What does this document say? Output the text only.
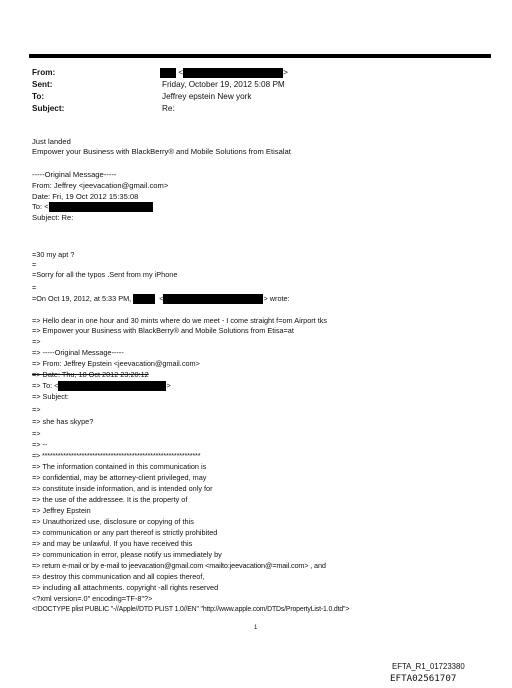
From:	<	>
Sent:	Friday, October 19, 2012 5:08 PM
To:	Jeffrey epstein New york
Subject:	Re:
Just landed
Empower your Business with BlackBerry® and Mobile Solutions from Etisalat
-----Original Message-----
From: Jeffrey <jeevacation@gmail.com>
Date: Fri, 19 Oct 2012 15:35:08
To: <
Subject: Re:
=30 my apt ?
=
=Sorry for all the typos .Sent from my iPhone
=
=On Oct 19, 2012, at 5:33 PM,	<	> wrote:
=> Hello dear in one hour and 30 mints where do we meet - I come straight f=om Airport tks
=> Empower your Business with BlackBerry® and Mobile Solutions from Etisa=at
=>
=> -----Original Message-----
=> From: Jeffrey Epstein <jeevacation@gmail.com>
=> Date: Thu, 18 Oct 2012 23:20:12
=> To: <	>
=> Subject:
=>
=> she has skype?
=>
=> --
=> ************************************************************
=> The information contained in this communication is
=> confidential, may be attorney-client privileged, may
=> constitute inside information, and is intended only for
=> the use of the addressee. It is the property of
=> Jeffrey Epstein
=> Unauthorized use, disclosure or copying of this
=> communication or any part thereof is strictly prohibited
=> and may be unlawful. If you have received this
=> communication in error, please notify us immediately by
=> return e-mail or by e-mail to jeevacation@gmail.com <mailto:jeevacation@=mail.com> , and
=> destroy this communication and all copies thereof,
=> including all attachments. copyright -all rights reserved
<?xml version=.0" encoding=TF-8"?>
<!DOCTYPE plist PUBLIC "-//Apple//DTD PLIST 1.0//EN" "http://www.apple.com/DTDs/PropertyList-1.0.dtd">
1
EFTA_R1_01723380
EFTA02561707
